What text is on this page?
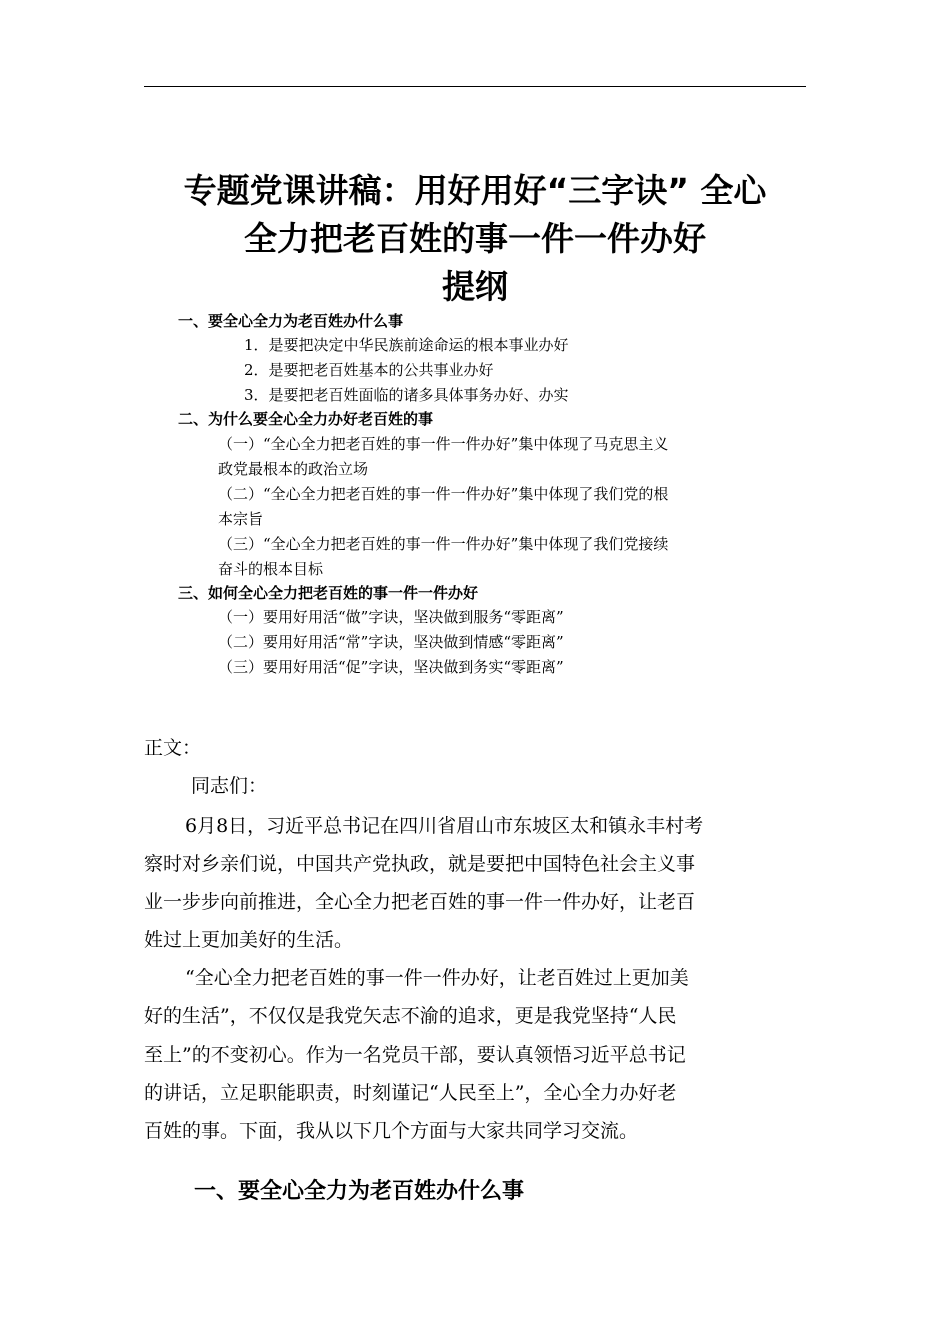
专题党课讲稿：用好用好“三字诀” 全心
全力把老百姓的事一件一件办好
提纲
一、要全心全力为老百姓办什么事
1．是要把决定中华民族前途命运的根本事业办好
2．是要把老百姓基本的公共事业办好
3．是要把老百姓面临的诸多具体事务办好、办实
二、为什么要全心全力办好老百姓的事
（一）“全心全力把老百姓的事一件一件办好”集中体现了马克思主义
政党最根本的政治立场
（二）“全心全力把老百姓的事一件一件办好”集中体现了我们党的根
本宗旨
（三）“全心全力把老百姓的事一件一件办好”集中体现了我们党接续
奋斗的根本目标
三、如何全心全力把老百姓的事一件一件办好
（一）要用好用活“做”字诀，坚决做到服务“零距离”
（二）要用好用活“常”字诀，坚决做到情感“零距离”
（三）要用好用活“促”字诀，坚决做到务实“零距离”
正文：
同志们：
6月8日，习近平总书记在四川省眉山市东坡区太和镇永丰村考
察时对乡亲们说，中国共产党执政，就是要把中国特色社会主义事
业一步步向前推进，全心全力把老百姓的事一件一件办好，让老百
姓过上更加美好的生活。
“全心全力把老百姓的事一件一件办好，让老百姓过上更加美
好的生活”，不仅仅是我党矢志不渝的追求，更是我党坚持“人民
至上”的不变初心。作为一名党员干部，要认真领悟习近平总书记
的讲话，立足职能职责，时刻谨记“人民至上”，全心全力办好老
百姓的事。下面，我从以下几个方面与大家共同学习交流。
一、要全心全力为老百姓办什么事
